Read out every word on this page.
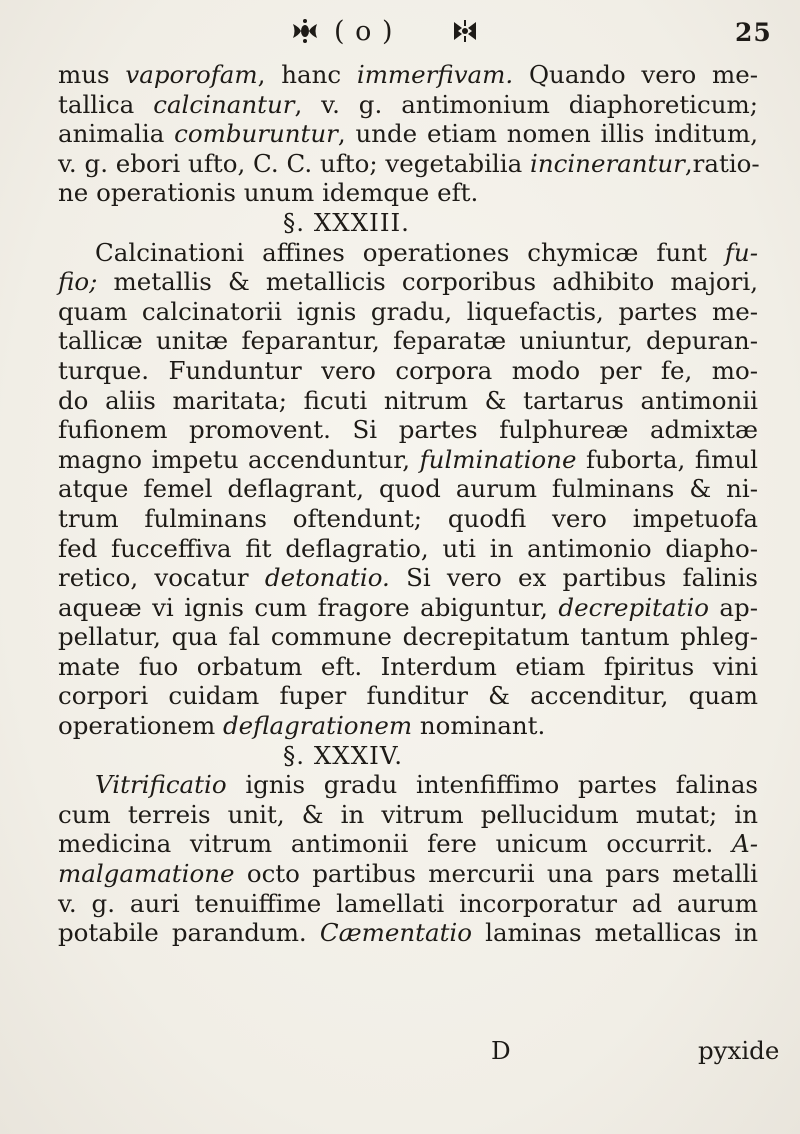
( o )	25
mus vaporofam, hanc immerfivam. Quando vero me-
tallica calcinantur, v. g. antimonium diaphoreticum;
animalia comburuntur, unde etiam nomen illis inditum,
v. g. ebori ufto, C. C. ufto; vegetabilia incinerantur,ratio-
ne operationis unum idemque eft.
§. XXXIII.
Calcinationi affines operationes chymicæ funt fu-
fio; metallis & metallicis corporibus adhibito majori,
quam calcinatorii ignis gradu, liquefactis, partes me-
tallicæ unitæ feparantur, feparatæ uniuntur, depuran-
turque. Funduntur vero corpora modo per fe, mo-
do aliis maritata; ficuti nitrum & tartarus antimonii
fufionem promovent. Si partes fulphureæ admixtæ
magno impetu accenduntur, fulminatione fuborta, fimul
atque femel deflagrant, quod aurum fulminans & ni-
trum fulminans oftendunt; quodfi vero impetuofa
fed fucceffiva fit deflagratio, uti in antimonio diapho-
retico, vocatur detonatio. Si vero ex partibus falinis
aqueæ vi ignis cum fragore abiguntur, decrepitatio ap-
pellatur, qua fal commune decrepitatum tantum phleg-
mate fuo orbatum eft. Interdum etiam fpiritus vini
corpori cuidam fuper funditur & accenditur, quam
operationem deflagrationem nominant.
§. XXXIV.
Vitrificatio ignis gradu intenfiffimo partes falinas
cum terreis unit, & in vitrum pellucidum mutat; in
medicina vitrum antimonii fere unicum occurrit. A-
malgamatione octo partibus mercurii una pars metalli
v. g. auri tenuiffime lamellati incorporatur ad aurum
potabile parandum. Cæmentatio laminas metallicas in
D	pyxide
